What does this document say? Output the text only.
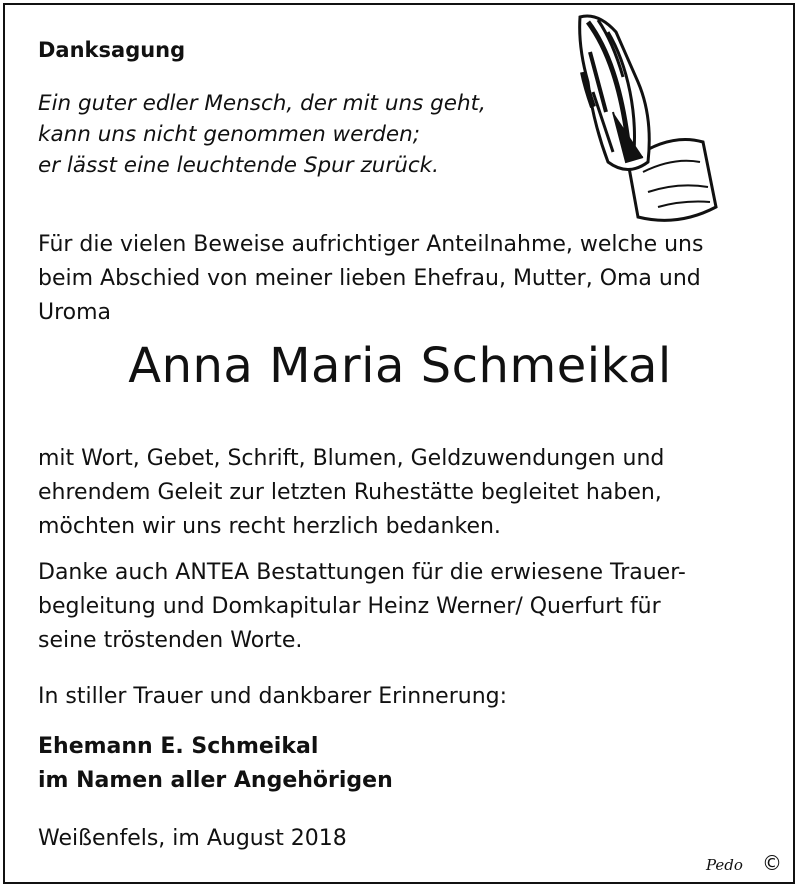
Danksagung
Ein guter edler Mensch, der mit uns geht,
kann uns nicht genommen werden;
er lässt eine leuchtende Spur zurück.
Für die vielen Beweise aufrichtiger Anteilnahme, welche uns
beim Abschied von meiner lieben Ehefrau, Mutter, Oma und
Uroma
Anna Maria Schmeikal
mit Wort, Gebet, Schrift, Blumen, Geldzuwendungen und
ehrendem Geleit zur letzten Ruhestätte begleitet haben,
möchten wir uns recht herzlich bedanken.
Danke auch ANTEA Bestattungen für die erwiesene Trauer-
begleitung und Domkapitular Heinz Werner/ Querfurt für
seine tröstenden Worte.
In stiller Trauer und dankbarer Erinnerung:
Ehemann E. Schmeikal
im Namen aller Angehörigen
Weißenfels, im August 2018
Pedo ©
